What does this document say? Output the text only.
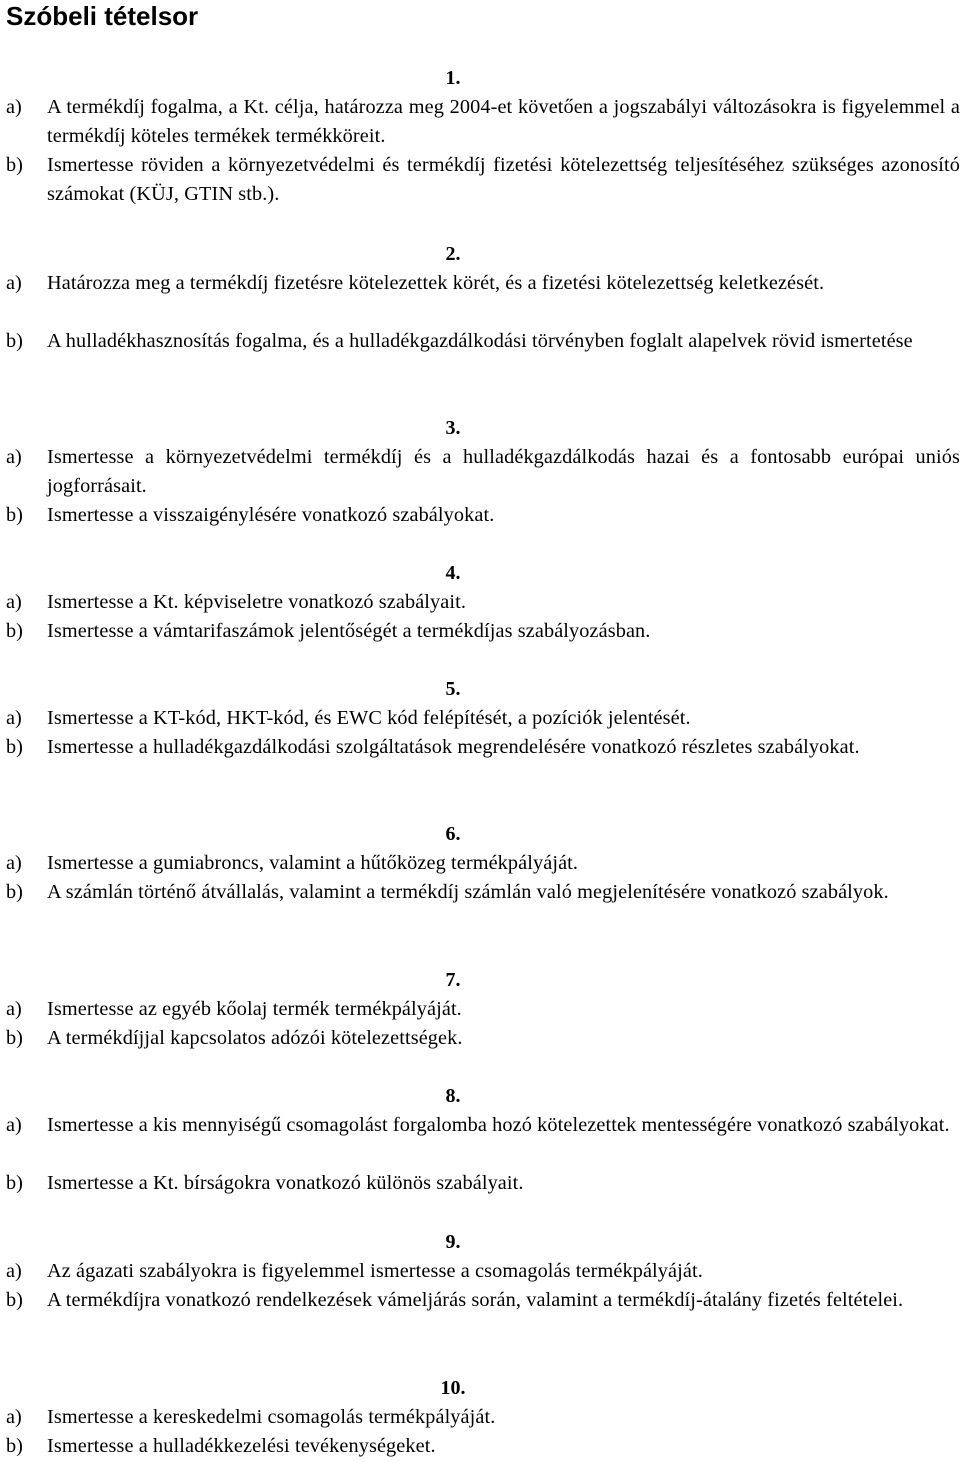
Szóbeli tételsor
1.
a) A termékdíj fogalma, a Kt. célja, határozza meg 2004-et követően a jogszabályi változásokra is figyelemmel a termékdíj köteles termékek termékköreit.
b) Ismertesse röviden a környezetvédelmi és termékdíj fizetési kötelezettség teljesítéséhez szükséges azonosító számokat (KÜJ, GTIN stb.).
2.
a) Határozza meg a termékdíj fizetésre kötelezettek körét, és a fizetési kötelezettség keletkezését.
b) A hulladékhasznosítás fogalma, és a hulladékgazdálkodási törvényben foglalt alapelvek rövid ismertetése
3.
a) Ismertesse a környezetvédelmi termékdíj és a hulladékgazdálkodás hazai és a fontosabb európai uniós jogforrásait.
b) Ismertesse a visszaigénylésére vonatkozó szabályokat.
4.
a) Ismertesse a Kt. képviseletre vonatkozó szabályait.
b) Ismertesse a vámtarifaszámok jelentőségét a termékdíjas szabályozásban.
5.
a) Ismertesse a KT-kód, HKT-kód, és EWC kód felépítését, a pozíciók jelentését.
b) Ismertesse a hulladékgazdálkodási szolgáltatások megrendelésére vonatkozó részletes szabályokat.
6.
a) Ismertesse a gumiabroncs, valamint a hűtőközeg termékpályáját.
b) A számlán történő átvállalás, valamint a termékdíj számlán való megjelenítésére vonatkozó szabályok.
7.
a) Ismertesse az egyéb kőolaj termék termékpályáját.
b) A termékdíjjal kapcsolatos adózói kötelezettségek.
8.
a) Ismertesse a kis mennyiségű csomagolást forgalomba hozó kötelezettek mentességére vonatkozó szabályokat.
b) Ismertesse a Kt. bírságokra vonatkozó különös szabályait.
9.
a) Az ágazati szabályokra is figyelemmel ismertesse a csomagolás termékpályáját.
b) A termékdíjra vonatkozó rendelkezések vámeljárás során, valamint a termékdíj-átalány fizetés feltételei.
10.
a) Ismertesse a kereskedelmi csomagolás termékpályáját.
b) Ismertesse a hulladékkezelési tevékenységeket.
